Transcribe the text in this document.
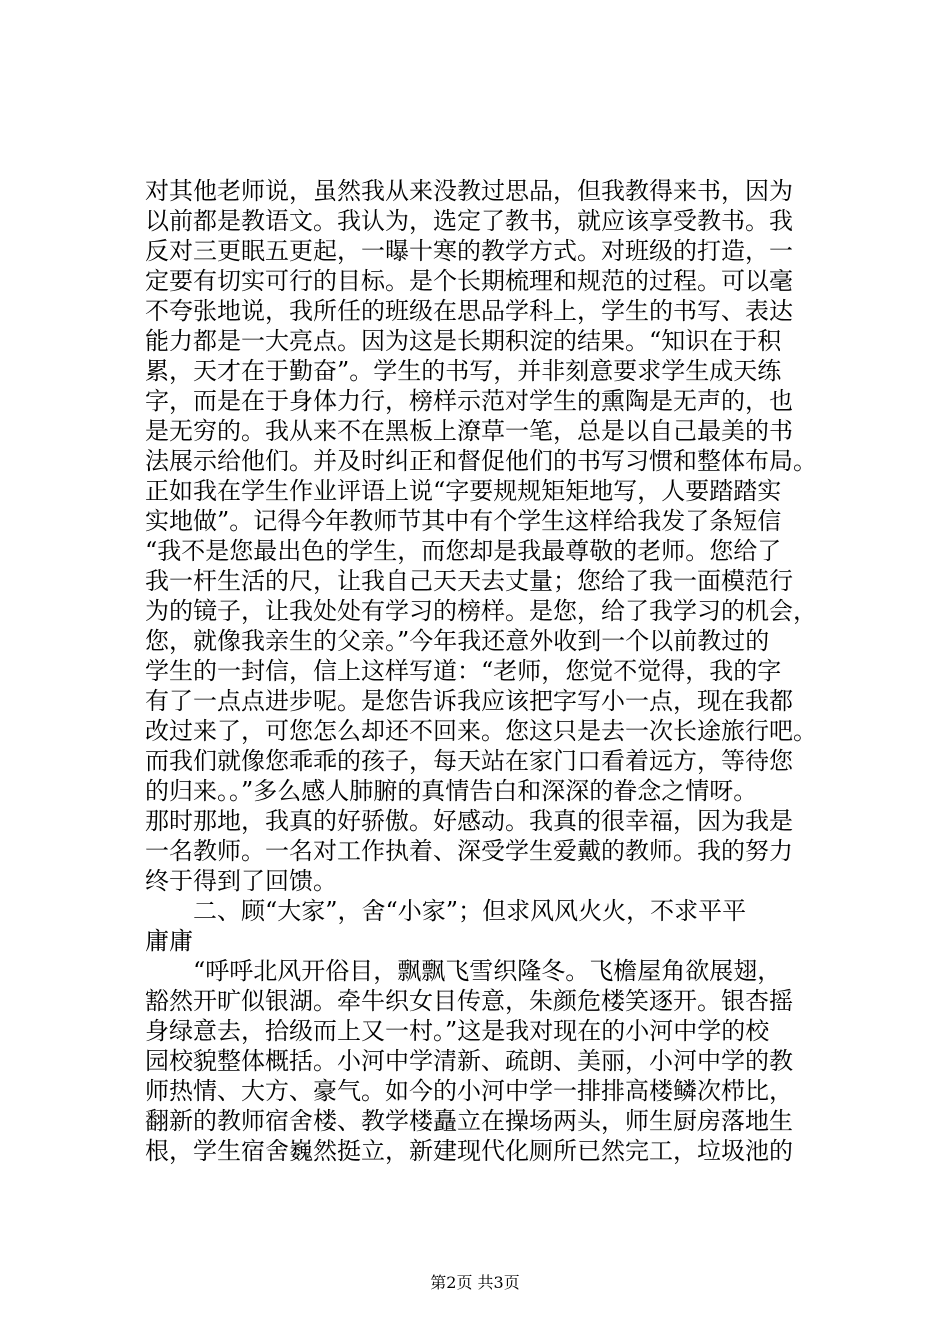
对其他老师说，虽然我从来没教过思品，但我教得来书，因为
以前都是教语文。我认为，选定了教书，就应该享受教书。我
反对三更眠五更起，一曝十寒的教学方式。对班级的打造，一
定要有切实可行的目标。是个长期梳理和规范的过程。可以毫
不夸张地说，我所任的班级在思品学科上，学生的书写、表达
能力都是一大亮点。因为这是长期积淀的结果。“知识在于积
累，天才在于勤奋”。学生的书写，并非刻意要求学生成天练
字，而是在于身体力行，榜样示范对学生的熏陶是无声的，也
是无穷的。我从来不在黑板上潦草一笔，总是以自己最美的书
法展示给他们。并及时纠正和督促他们的书写习惯和整体布局。
正如我在学生作业评语上说“字要规规矩矩地写，人要踏踏实
实地做”。记得今年教师节其中有个学生这样给我发了条短信
“我不是您最出色的学生，而您却是我最尊敬的老师。您给了
我一杆生活的尺，让我自己天天去丈量；您给了我一面模范行
为的镜子，让我处处有学习的榜样。是您，给了我学习的机会，
您，就像我亲生的父亲。”今年我还意外收到一个以前教过的
学生的一封信，信上这样写道：“老师，您觉不觉得，我的字
有了一点点进步呢。是您告诉我应该把字写小一点，现在我都
改过来了，可您怎么却还不回来。您这只是去一次长途旅行吧。
而我们就像您乖乖的孩子，每天站在家门口看着远方，等待您
的归来。。”多么感人肺腑的真情告白和深深的眷念之情呀。
那时那地，我真的好骄傲。好感动。我真的很幸福，因为我是
一名教师。一名对工作执着、深受学生爱戴的教师。我的努力
终于得到了回馈。
　　二、顾“大家”，舍“小家”；但求风风火火，不求平平
庸庸
　　“呼呼北风开俗目，飘飘飞雪织隆冬。飞檐屋角欲展翅，
豁然开旷似银湖。牵牛织女目传意，朱颜危楼笑逐开。银杏摇
身绿意去，拾级而上又一村。”这是我对现在的小河中学的校
园校貌整体概括。小河中学清新、疏朗、美丽，小河中学的教
师热情、大方、豪气。如今的小河中学一排排高楼鳞次栉比，
翻新的教师宿舍楼、教学楼矗立在操场两头，师生厨房落地生
根，学生宿舍巍然挺立，新建现代化厕所已然完工，垃圾池的
第2页 共3页
